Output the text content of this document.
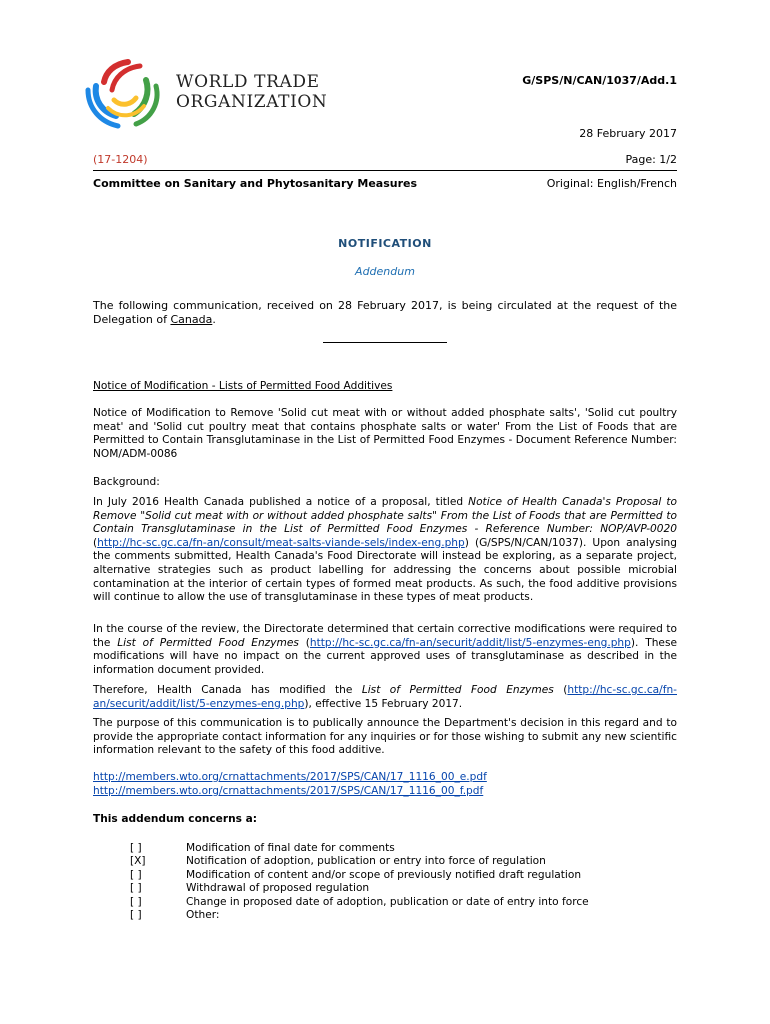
WORLD TRADE
ORGANIZATION
G/SPS/N/CAN/1037/Add.1
28 February 2017
(17-1204)	Page: 1/2
Committee on Sanitary and Phytosanitary Measures	Original: English/French
NOTIFICATION
Addendum
The following communication, received on 28 February 2017, is being circulated at the request of the Delegation of Canada.
Notice of Modification - Lists of Permitted Food Additives
Notice of Modification to Remove 'Solid cut meat with or without added phosphate salts', 'Solid cut poultry meat' and 'Solid cut poultry meat that contains phosphate salts or water' From the List of Foods that are Permitted to Contain Transglutaminase in the List of Permitted Food Enzymes - Document Reference Number: NOM/ADM-0086
Background:
In July 2016 Health Canada published a notice of a proposal, titled Notice of Health Canada's Proposal to Remove "Solid cut meat with or without added phosphate salts" From the List of Foods that are Permitted to Contain Transglutaminase in the List of Permitted Food Enzymes - Reference Number: NOP/AVP-0020 (http://hc-sc.gc.ca/fn-an/consult/meat-salts-viande-sels/index-eng.php) (G/SPS/N/CAN/1037). Upon analysing the comments submitted, Health Canada's Food Directorate will instead be exploring, as a separate project, alternative strategies such as product labelling for addressing the concerns about possible microbial contamination at the interior of certain types of formed meat products. As such, the food additive provisions will continue to allow the use of transglutaminase in these types of meat products.
In the course of the review, the Directorate determined that certain corrective modifications were required to the List of Permitted Food Enzymes (http://hc-sc.gc.ca/fn-an/securit/addit/list/5-enzymes-eng.php). These modifications will have no impact on the current approved uses of transglutaminase as described in the information document provided.
Therefore, Health Canada has modified the List of Permitted Food Enzymes (http://hc-sc.gc.ca/fn-an/securit/addit/list/5-enzymes-eng.php), effective 15 February 2017.
The purpose of this communication is to publically announce the Department's decision in this regard and to provide the appropriate contact information for any inquiries or for those wishing to submit any new scientific information relevant to the safety of this food additive.
http://members.wto.org/crnattachments/2017/SPS/CAN/17_1116_00_e.pdf
http://members.wto.org/crnattachments/2017/SPS/CAN/17_1116_00_f.pdf
This addendum concerns a:
[ ]	Modification of final date for comments
[X]	Notification of adoption, publication or entry into force of regulation
[ ]	Modification of content and/or scope of previously notified draft regulation
[ ]	Withdrawal of proposed regulation
[ ]	Change in proposed date of adoption, publication or date of entry into force
[ ]	Other:
